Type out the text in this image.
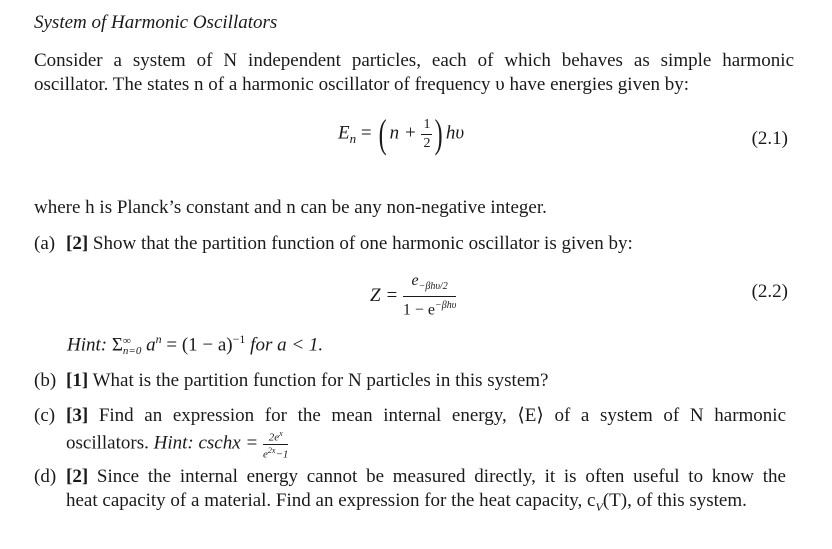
System of Harmonic Oscillators
Consider a system of N independent particles, each of which behaves as simple harmonic
oscillator. The states n of a harmonic oscillator of frequency υ have energies given by:
$E_n$ = ( $n + \frac{1}{2}$ ) hυ	(2.1)
where h is Planck’s constant and n can be any non-negative integer.
(a) [2] Show that the partition function of one harmonic oscillator is given by:
$Z = \frac{e_{-\beta h\upsilon/2}}{1 - e^{-\beta h\upsilon}}$	(2.2)
Hint: Σ ∞
n=0 $a^n = (1 - a)^{-1}$ for a < 1.
(b) [1] What is the partition function for N particles in this system?
(c) [3] Find an expression for the mean internal energy, ⟨E⟩ of a system of N harmonic
oscillators. Hint: cschx = $\frac{2e^x}{e^{2x}-1}$
(d) [2] Since the internal energy cannot be measured directly, it is often useful to know the
heat capacity of a material. Find an expression for the heat capacity, $c_V(T)$, of this system.
